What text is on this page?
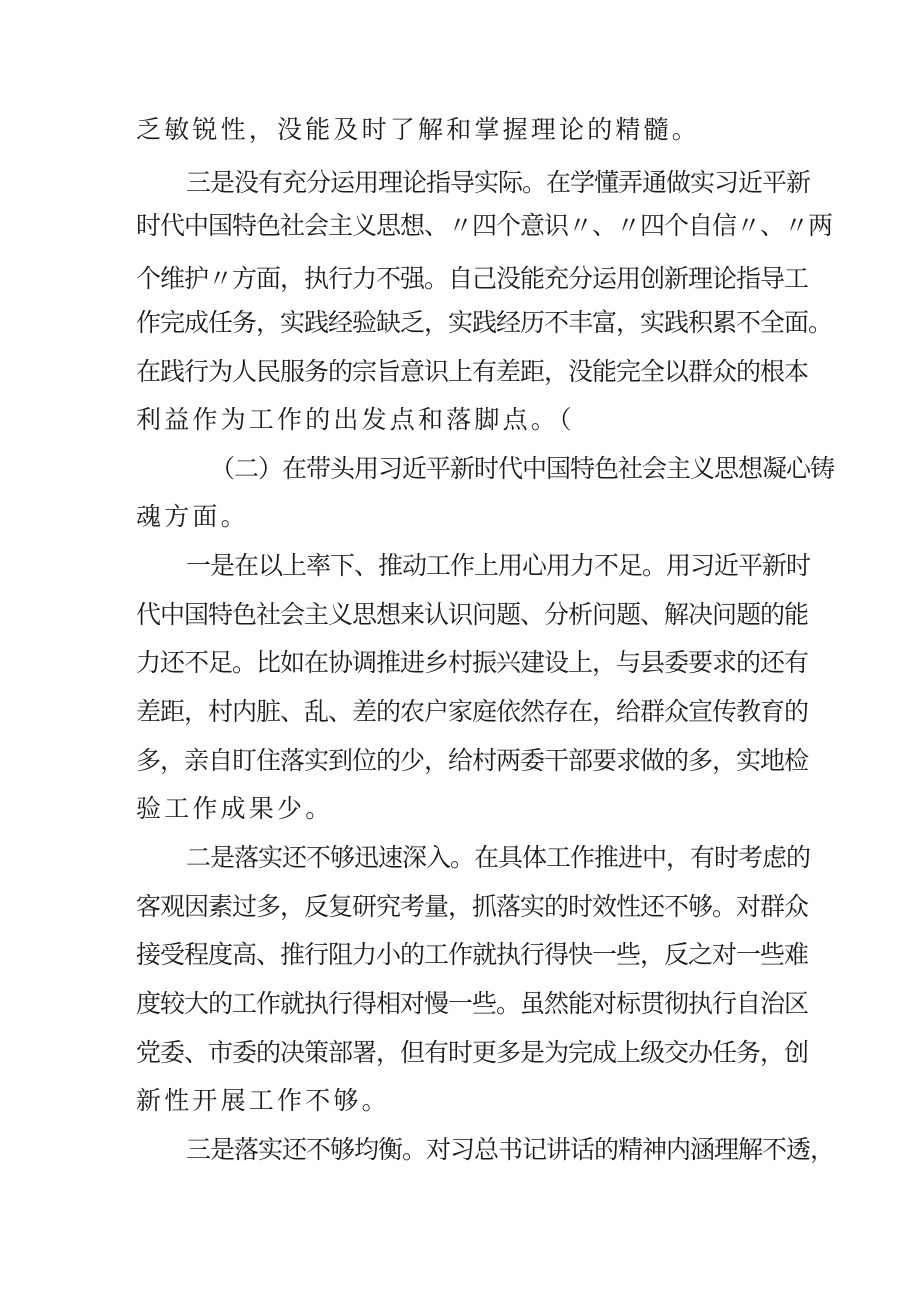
乏敏锐性，没能及时了解和掌握理论的精髓。
三是没有充分运用理论指导实际。在学懂弄通做实习近平新
时代中国特色社会主义思想、〃四个意识〃、〃四个自信〃、〃两
个维护〃方面，执行力不强。自己没能充分运用创新理论指导工
作完成任务，实践经验缺乏，实践经历不丰富，实践积累不全面。
在践行为人民服务的宗旨意识上有差距，没能完全以群众的根本
利益作为工作的出发点和落脚点。（
（二）在带头用习近平新时代中国特色社会主义思想凝心铸
魂方面。
一是在以上率下、推动工作上用心用力不足。用习近平新时
代中国特色社会主义思想来认识问题、分析问题、解决问题的能
力还不足。比如在协调推进乡村振兴建设上，与县委要求的还有
差距，村内脏、乱、差的农户家庭依然存在，给群众宣传教育的
多，亲自盯住落实到位的少，给村两委干部要求做的多，实地检
验工作成果少。
二是落实还不够迅速深入。在具体工作推进中，有时考虑的
客观因素过多，反复研究考量，抓落实的时效性还不够。对群众
接受程度高、推行阻力小的工作就执行得快一些，反之对一些难
度较大的工作就执行得相对慢一些。虽然能对标贯彻执行自治区
党委、市委的决策部署，但有时更多是为完成上级交办任务，创
新性开展工作不够。
三是落实还不够均衡。对习总书记讲话的精神内涵理解不透，
